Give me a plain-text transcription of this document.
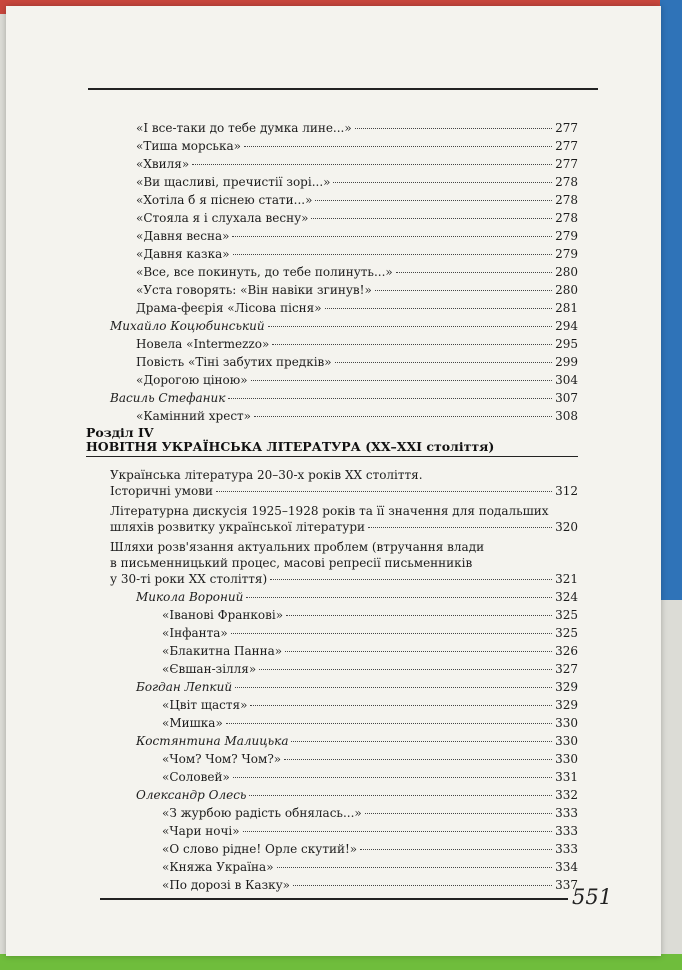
«І все-таки до тебе думка лине...»	277
«Тиша морська»	277
«Хвиля»	277
«Ви щасливі, пречистії зорі...»	278
«Хотіла б я піснею стати...»	278
«Стояла я і слухала весну»	278
«Давня весна»	279
«Давня казка»	279
«Все, все покинуть, до тебе полинуть...»	280
«Уста говорять: «Він навіки згинув!»	280
Драма-феєрія «Лісова пісня»	281
Михайло Коцюбинський	294
Новела «Intermezzo»	295
Повість «Тіні забутих предків»	299
«Дорогою ціною»	304
Василь Стефаник	307
«Камінний хрест»	308
Розділ IV
НОВІТНЯ УКРАЇНСЬКА ЛІТЕРАТУРА (ХХ–ХХІ століття)
Українська література 20–30-х років ХХ століття.
Історичні умови	312
Літературна дискусія 1925–1928 років та її значення для подальших
шляхів розвитку української літератури	320
Шляхи розв'язання актуальних проблем (втручання влади
в письменницький процес, масові репресії письменників
у 30-ті роки ХХ століття)	321
Микола Вороний	324
«Іванові Франкові»	325
«Інфанта»	325
«Блакитна Панна»	326
«Євшан-зілля»	327
Богдан Лепкий	329
«Цвіт щастя»	329
«Мишка»	330
Костянтина Малицька	330
«Чом? Чом? Чом?»	330
«Соловей»	331
Олександр Олесь	332
«З журбою радість обнялась...»	333
«Чари ночі»	333
«О слово рідне! Орле скутий!»	333
«Княжа Україна»	334
«По дорозі в Казку»	337
551
